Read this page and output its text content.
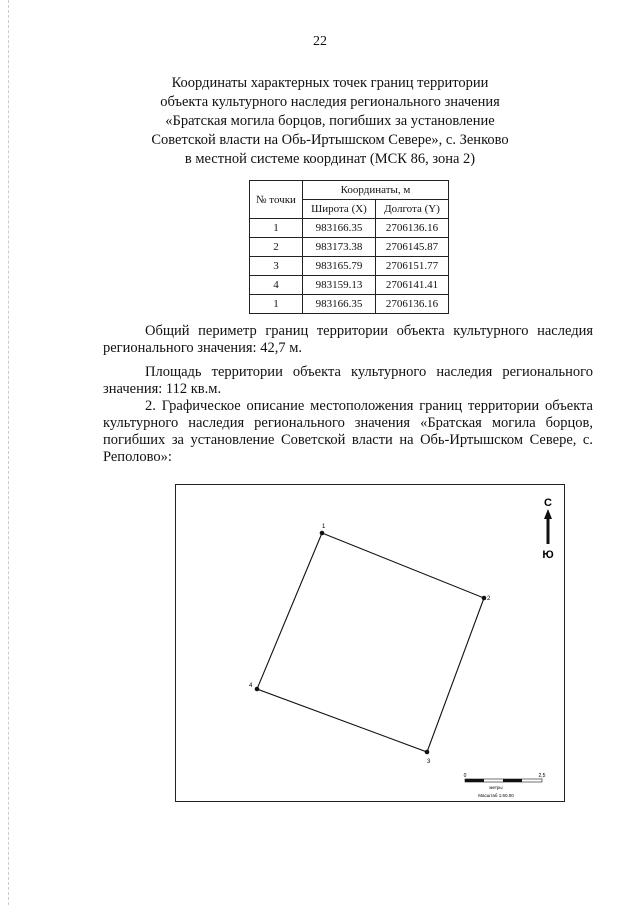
22
Координаты характерных точек границ территории
объекта культурного наследия регионального значения
«Братская могила борцов, погибших за установление
Советской власти на Обь-Иртышском Севере», с. Зенково
в местной системе координат (МСК 86, зона 2)
№ точки	Координаты, м	
	Широта (X)	Долгота (Y)
1	983166.35	2706136.16
2	983173.38	2706145.87
3	983165.79	2706151.77
4	983159.13	2706141.41
1	983166.35	2706136.16
Общий периметр границ территории объекта культурного наследия регионального значения: 42,7 м.
Площадь территории объекта культурного наследия регионального значения: 112 кв.м.
2. Графическое описание местоположения границ территории объекта культурного наследия регионального значения «Братская могила борцов, погибших за установление Советской власти на Обь-Иртышском Севере, с. Реполово»:
1
2
3
4
С
Ю
0	2,5
метры
Масштаб 1:60.00
